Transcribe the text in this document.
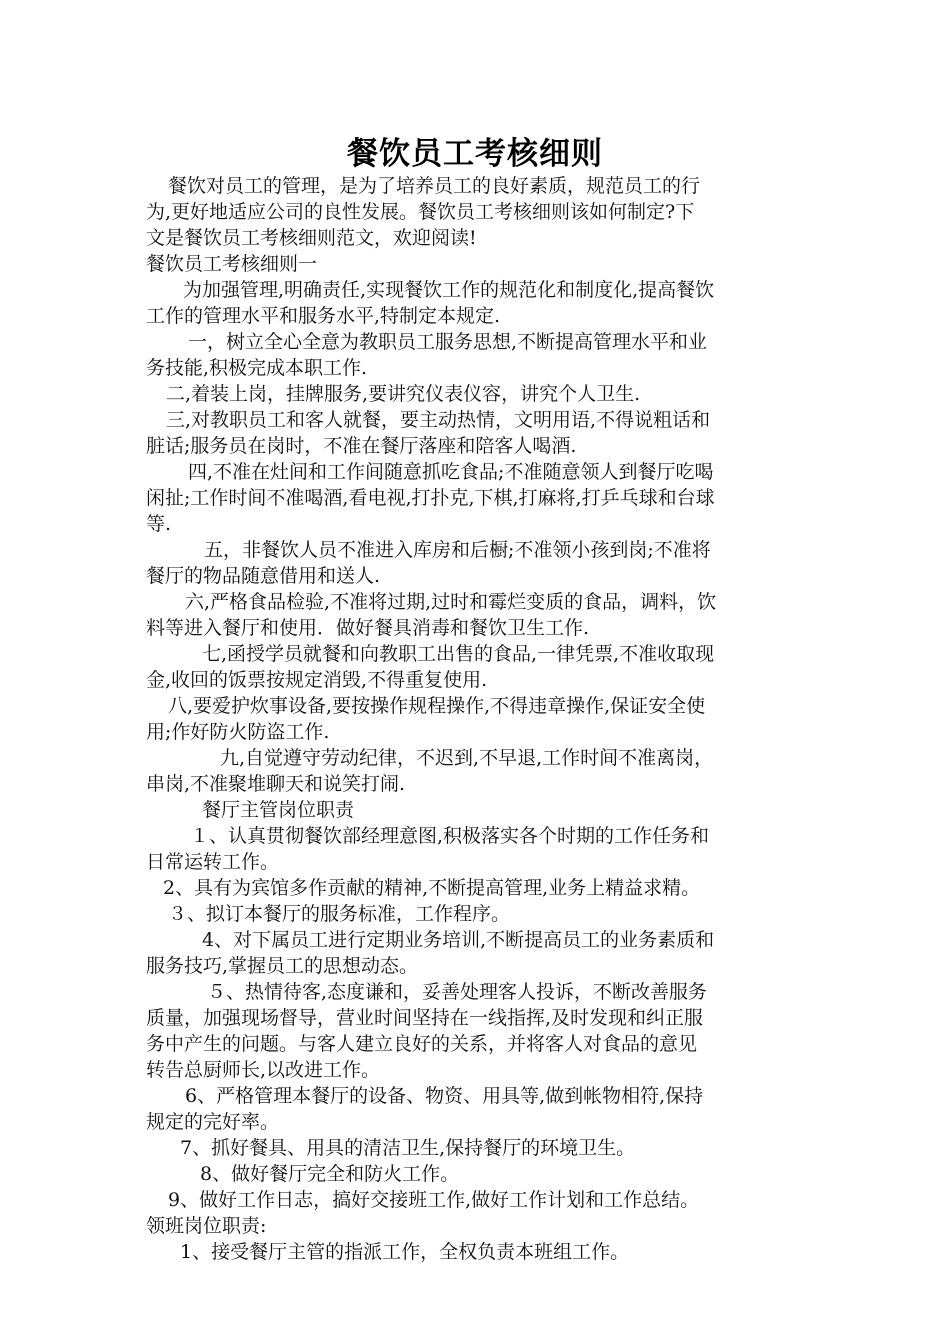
餐饮员工考核细则
餐饮对员工的管理，是为了培养员工的良好素质，规范员工的行
为,更好地适应公司的良性发展。餐饮员工考核细则该如何制定?下
文是餐饮员工考核细则范文，欢迎阅读!
餐饮员工考核细则一
为加强管理,明确责任,实现餐饮工作的规范化和制度化,提高餐饮
工作的管理水平和服务水平,特制定本规定.
一，树立全心全意为教职员工服务思想,不断提高管理水平和业
务技能,积极完成本职工作.
二,着装上岗，挂牌服务,要讲究仪表仪容，讲究个人卫生.
三,对教职员工和客人就餐，要主动热情，文明用语,不得说粗话和
脏话;服务员在岗时，不准在餐厅落座和陪客人喝酒.
四,不准在灶间和工作间随意抓吃食品;不准随意领人到餐厅吃喝
闲扯;工作时间不准喝酒,看电视,打扑克,下棋,打麻将,打乒乓球和台球
等.
五，非餐饮人员不准进入库房和后橱;不准领小孩到岗;不准将
餐厅的物品随意借用和送人.
六,严格食品检验,不准将过期,过时和霉烂变质的食品，调料，饮
料等进入餐厅和使用．做好餐具消毒和餐饮卫生工作.
七,函授学员就餐和向教职工出售的食品,一律凭票,不准收取现
金,收回的饭票按规定消毁,不得重复使用.
八,要爱护炊事设备,要按操作规程操作,不得违章操作,保证安全使
用;作好防火防盗工作.
九,自觉遵守劳动纪律，不迟到,不早退,工作时间不准离岗，
串岗,不准聚堆聊天和说笑打闹.
餐厅主管岗位职责
１、认真贯彻餐饮部经理意图,积极落实各个时期的工作任务和
日常运转工作。
2、具有为宾馆多作贡献的精神,不断提高管理,业务上精益求精。
３、拟订本餐厅的服务标准，工作程序。
4、对下属员工进行定期业务培训,不断提高员工的业务素质和
服务技巧,掌握员工的思想动态。
５、热情待客,态度谦和，妥善处理客人投诉，不断改善服务
质量，加强现场督导，营业时间坚持在一线指挥,及时发现和纠正服
务中产生的问题。与客人建立良好的关系，并将客人对食品的意见
转告总厨师长,以改进工作。
6、严格管理本餐厅的设备、物资、用具等,做到帐物相符,保持
规定的完好率。
7、抓好餐具、用具的清洁卫生,保持餐厅的环境卫生。
8、做好餐厅完全和防火工作。
9、做好工作日志，搞好交接班工作,做好工作计划和工作总结。
领班岗位职责:
1、接受餐厅主管的指派工作，全权负责本班组工作。
